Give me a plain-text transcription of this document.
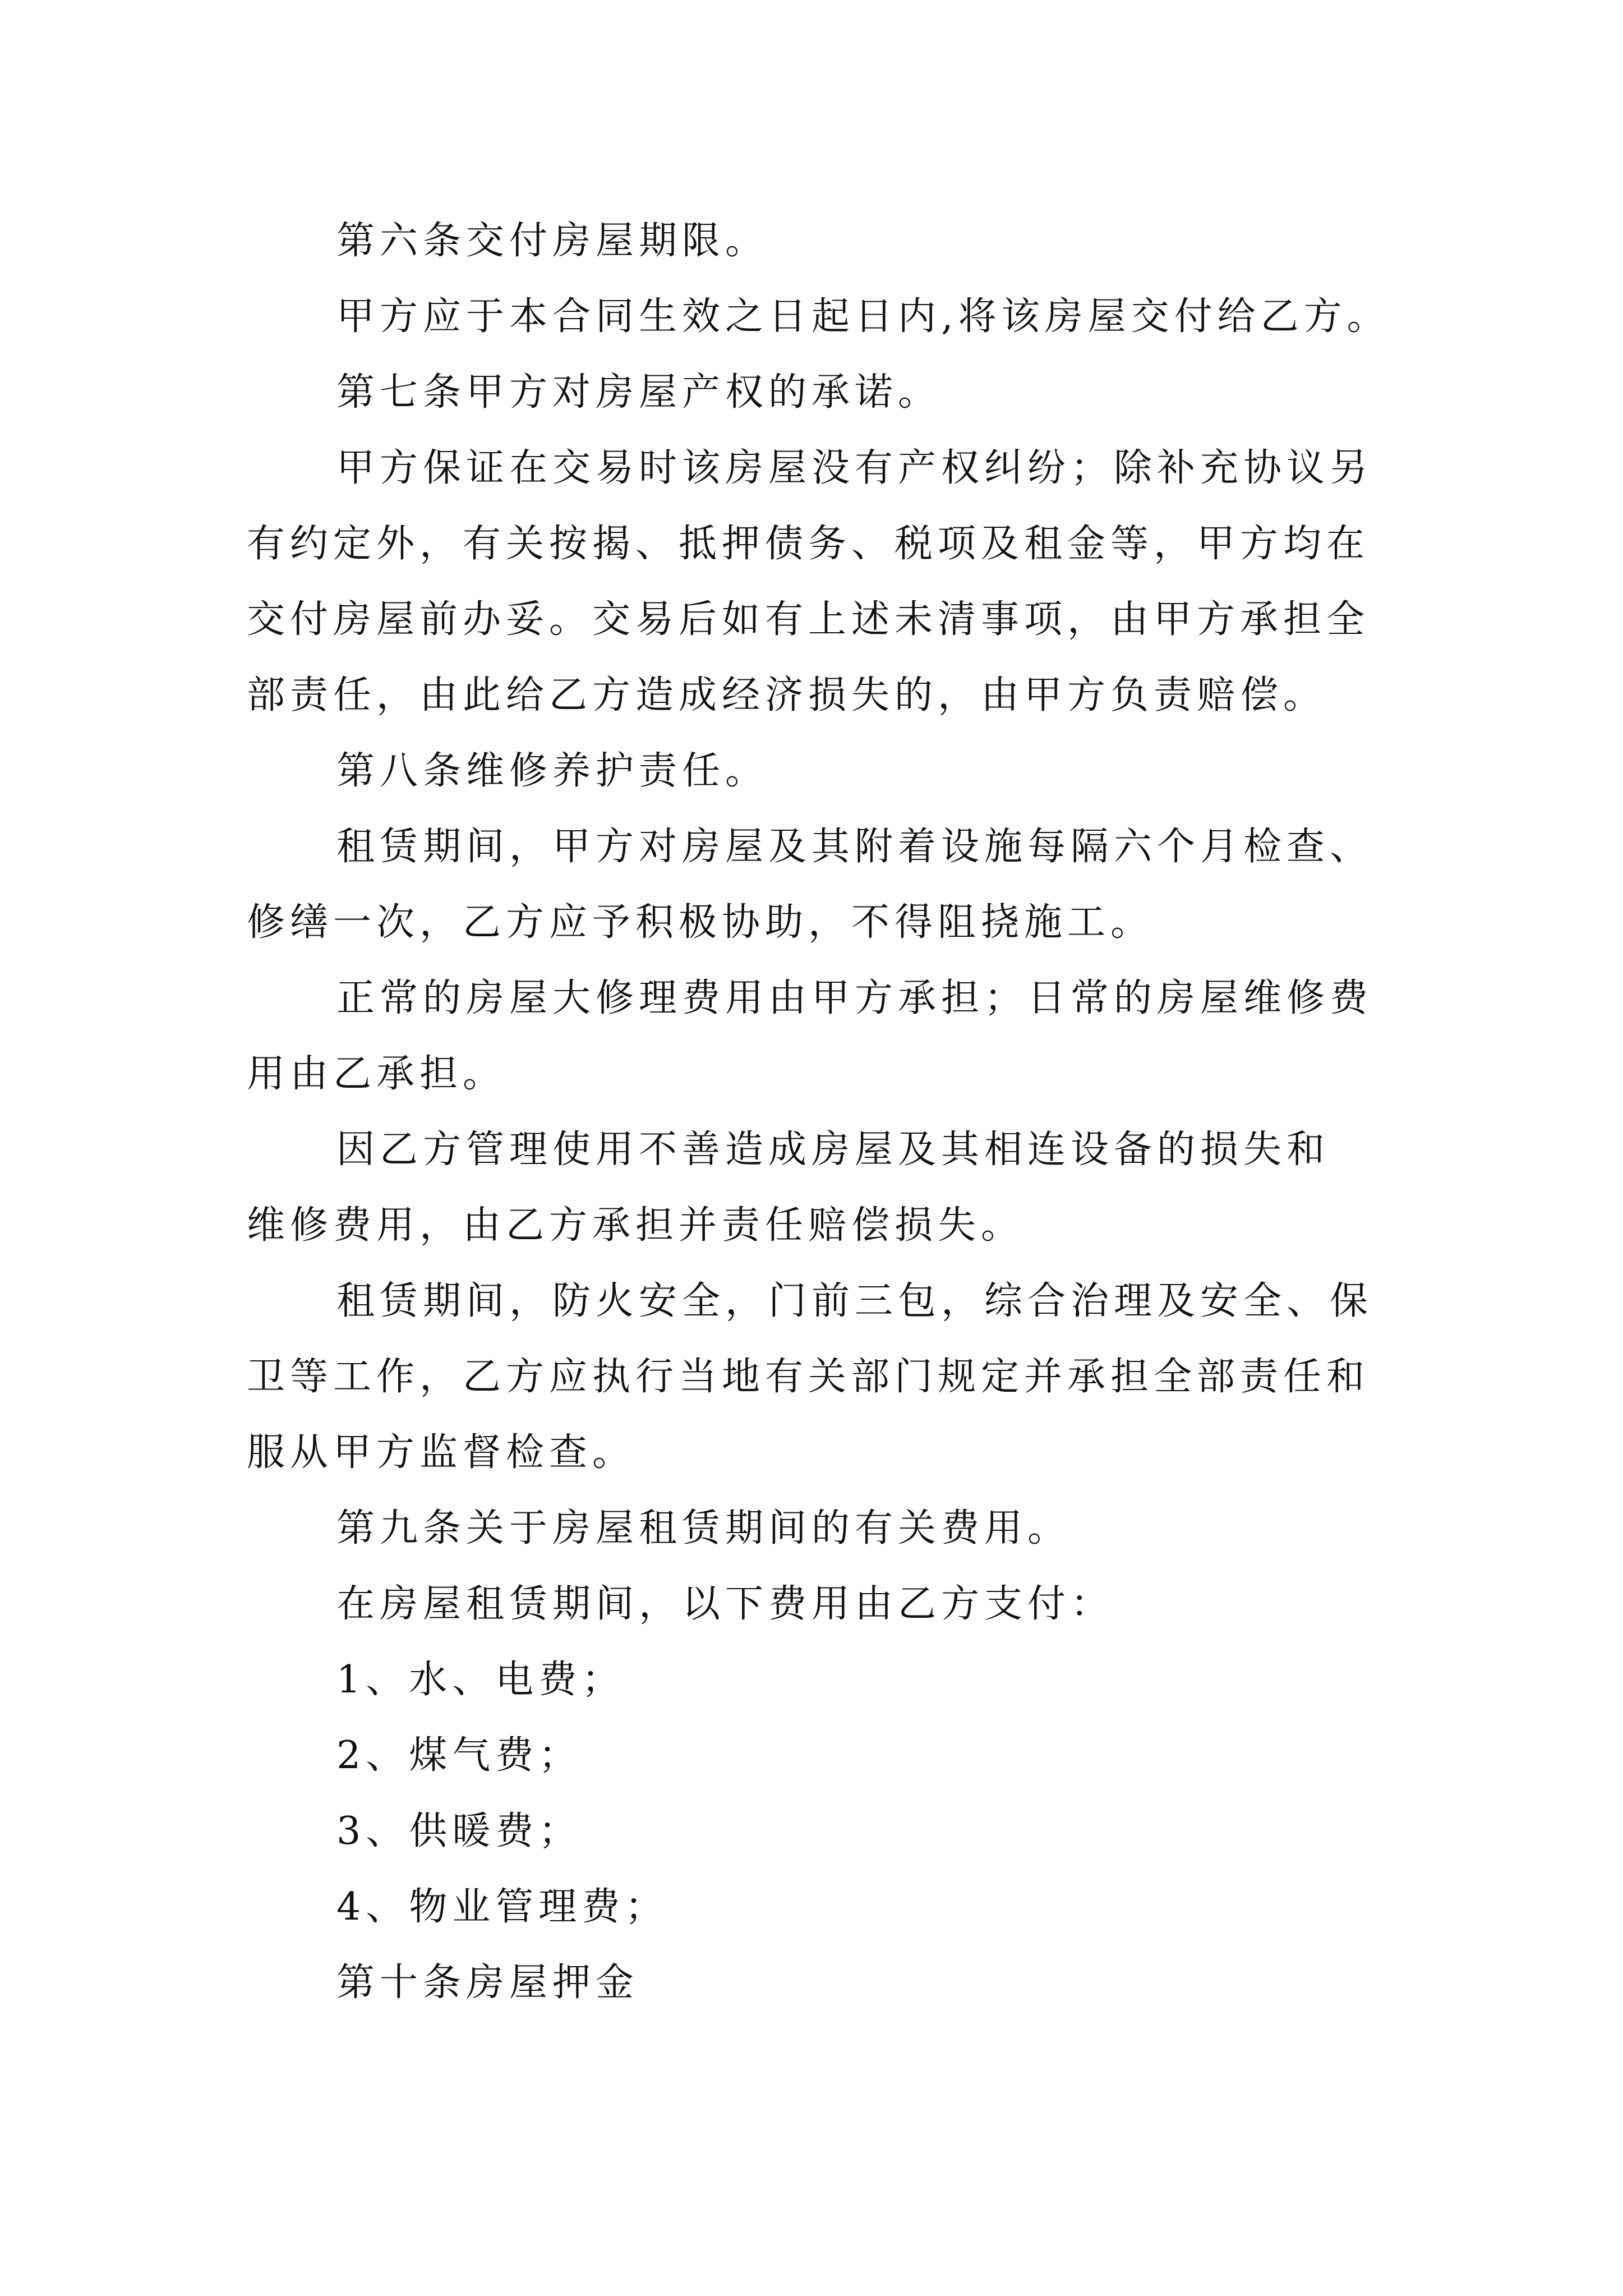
第六条交付房屋期限。
甲方应于本合同生效之日起日内,将该房屋交付给乙方。
第七条甲方对房屋产权的承诺。
甲方保证在交易时该房屋没有产权纠纷；除补充协议另
有约定外，有关按揭、抵押债务、税项及租金等，甲方均在
交付房屋前办妥。交易后如有上述未清事项，由甲方承担全
部责任，由此给乙方造成经济损失的，由甲方负责赔偿。
第八条维修养护责任。
租赁期间，甲方对房屋及其附着设施每隔六个月检查、
修缮一次，乙方应予积极协助，不得阻挠施工。
正常的房屋大修理费用由甲方承担；日常的房屋维修费
用由乙承担。
因乙方管理使用不善造成房屋及其相连设备的损失和
维修费用，由乙方承担并责任赔偿损失。
租赁期间，防火安全，门前三包，综合治理及安全、保
卫等工作，乙方应执行当地有关部门规定并承担全部责任和
服从甲方监督检查。
第九条关于房屋租赁期间的有关费用。
在房屋租赁期间，以下费用由乙方支付：
1、水、电费；
2、煤气费；
3、供暖费；
4、物业管理费；
第十条房屋押金
